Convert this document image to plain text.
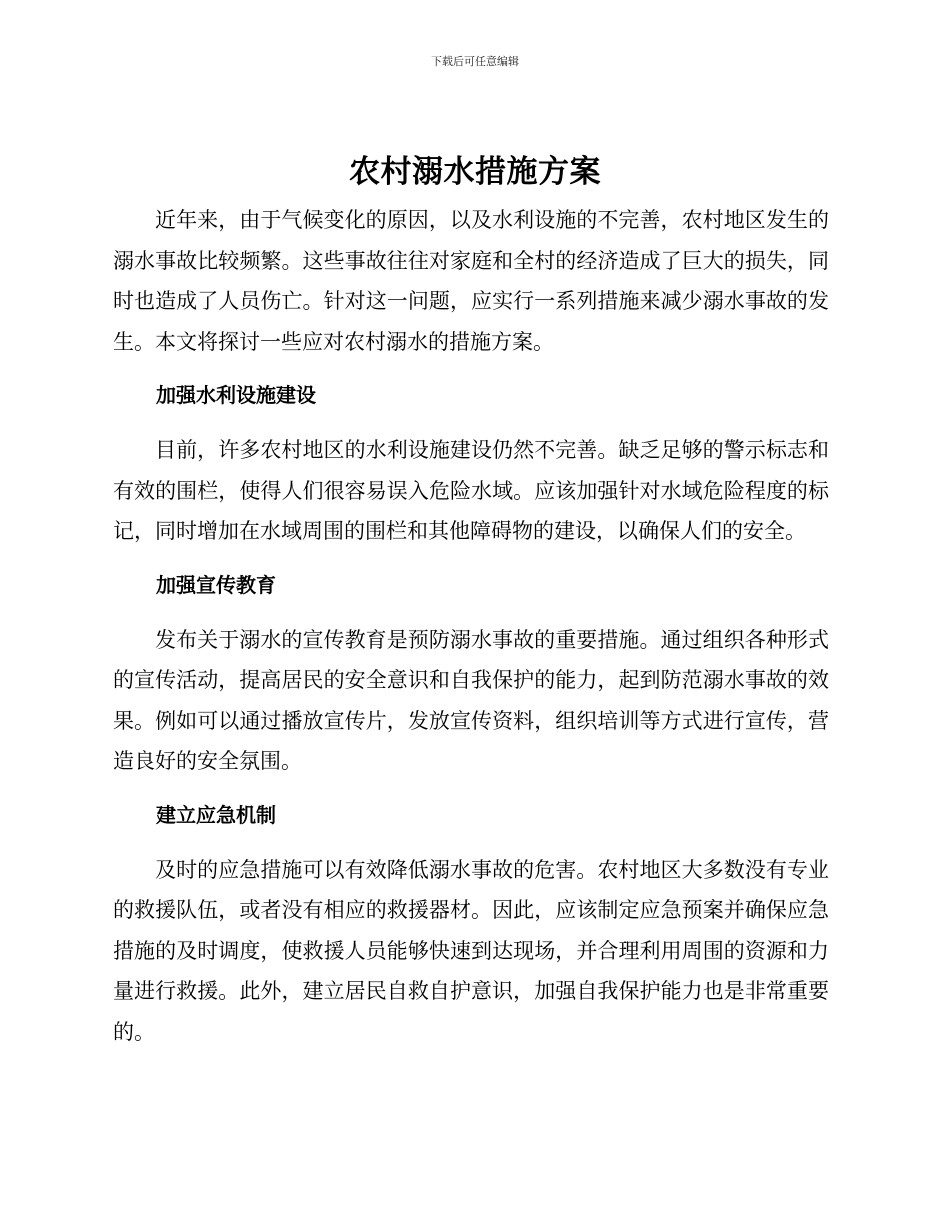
下载后可任意编辑
农村溺水措施方案

近年来，由于气候变化的原因，以及水利设施的不完善，农村地区发生的溺水事故比较频繁。这些事故往往对家庭和全村的经济造成了巨大的损失，同时也造成了人员伤亡。针对这一问题，应实行一系列措施来减少溺水事故的发生。本文将探讨一些应对农村溺水的措施方案。

加强水利设施建设

目前，许多农村地区的水利设施建设仍然不完善。缺乏足够的警示标志和有效的围栏，使得人们很容易误入危险水域。应该加强针对水域危险程度的标记，同时增加在水域周围的围栏和其他障碍物的建设，以确保人们的安全。

加强宣传教育

发布关于溺水的宣传教育是预防溺水事故的重要措施。通过组织各种形式的宣传活动，提高居民的安全意识和自我保护的能力，起到防范溺水事故的效果。例如可以通过播放宣传片，发放宣传资料，组织培训等方式进行宣传，营造良好的安全氛围。

建立应急机制

及时的应急措施可以有效降低溺水事故的危害。农村地区大多数没有专业的救援队伍，或者没有相应的救援器材。因此，应该制定应急预案并确保应急措施的及时调度，使救援人员能够快速到达现场，并合理利用周围的资源和力量进行救援。此外，建立居民自救自护意识，加强自我保护能力也是非常重要的。
